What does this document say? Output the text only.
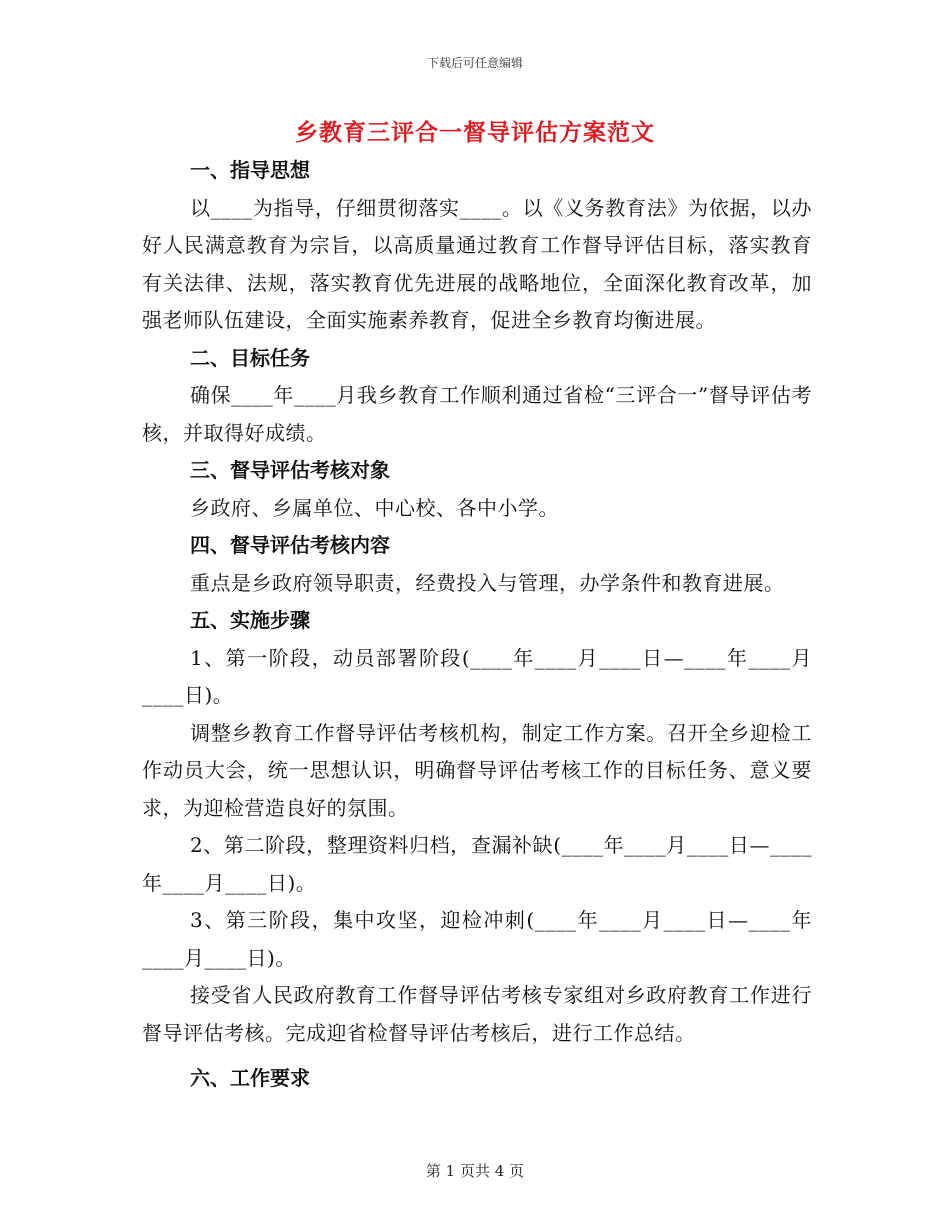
下载后可任意编辑
乡教育三评合一督导评估方案范文
一、指导思想
以____为指导，仔细贯彻落实____。以《义务教育法》为依据，以办好人民满意教育为宗旨，以高质量通过教育工作督导评估目标，落实教育有关法律、法规，落实教育优先进展的战略地位，全面深化教育改革，加强老师队伍建设，全面实施素养教育，促进全乡教育均衡进展。
二、目标任务
确保____年____月我乡教育工作顺利通过省检“三评合一”督导评估考核，并取得好成绩。
三、督导评估考核对象
乡政府、乡属单位、中心校、各中小学。
四、督导评估考核内容
重点是乡政府领导职责，经费投入与管理，办学条件和教育进展。
五、实施步骤
1、第一阶段，动员部署阶段(____年____月____日—____年____月____日)。
调整乡教育工作督导评估考核机构，制定工作方案。召开全乡迎检工作动员大会，统一思想认识，明确督导评估考核工作的目标任务、意义要求，为迎检营造良好的氛围。
2、第二阶段，整理资料归档，查漏补缺(____年____月____日—____年____月____日)。
3、第三阶段，集中攻坚，迎检冲刺(____年____月____日—____年____月____日)。
接受省人民政府教育工作督导评估考核专家组对乡政府教育工作进行督导评估考核。完成迎省检督导评估考核后，进行工作总结。
六、工作要求
第 1 页共 4 页
